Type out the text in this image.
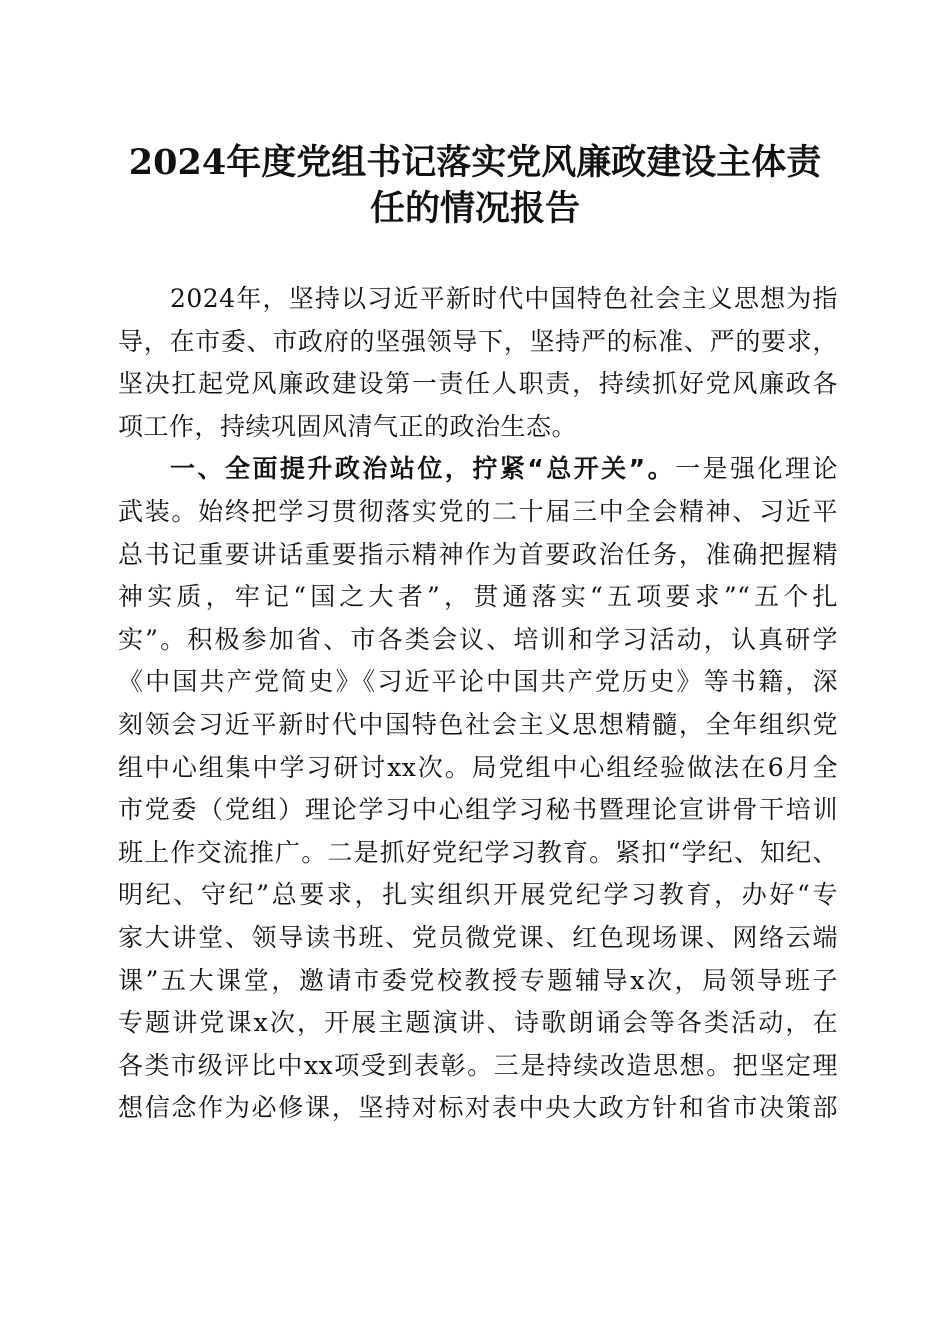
2024年度党组书记落实党风廉政建设主体责
任的情况报告

2024年，坚持以习近平新时代中国特色社会主义思想为指
导，在市委、市政府的坚强领导下，坚持严的标准、严的要求，
坚决扛起党风廉政建设第一责任人职责，持续抓好党风廉政各
项工作，持续巩固风清气正的政治生态。

一、全面提升政治站位，拧紧“总开关”。一是强化理论
武装。始终把学习贯彻落实党的二十届三中全会精神、习近平
总书记重要讲话重要指示精神作为首要政治任务，准确把握精
神实质，牢记“国之大者”，贯通落实“五项要求”“五个扎
实”。积极参加省、市各类会议、培训和学习活动，认真研学
《中国共产党简史》《习近平论中国共产党历史》等书籍，深
刻领会习近平新时代中国特色社会主义思想精髓，全年组织党
组中心组集中学习研讨xx次。局党组中心组经验做法在6月全
市党委（党组）理论学习中心组学习秘书暨理论宣讲骨干培训
班上作交流推广。二是抓好党纪学习教育。紧扣“学纪、知纪、
明纪、守纪”总要求，扎实组织开展党纪学习教育，办好“专
家大讲堂、领导读书班、党员微党课、红色现场课、网络云端
课”五大课堂，邀请市委党校教授专题辅导x次，局领导班子
专题讲党课x次，开展主题演讲、诗歌朗诵会等各类活动，在
各类市级评比中xx项受到表彰。三是持续改造思想。把坚定理
想信念作为必修课，坚持对标对表中央大政方针和省市决策部
